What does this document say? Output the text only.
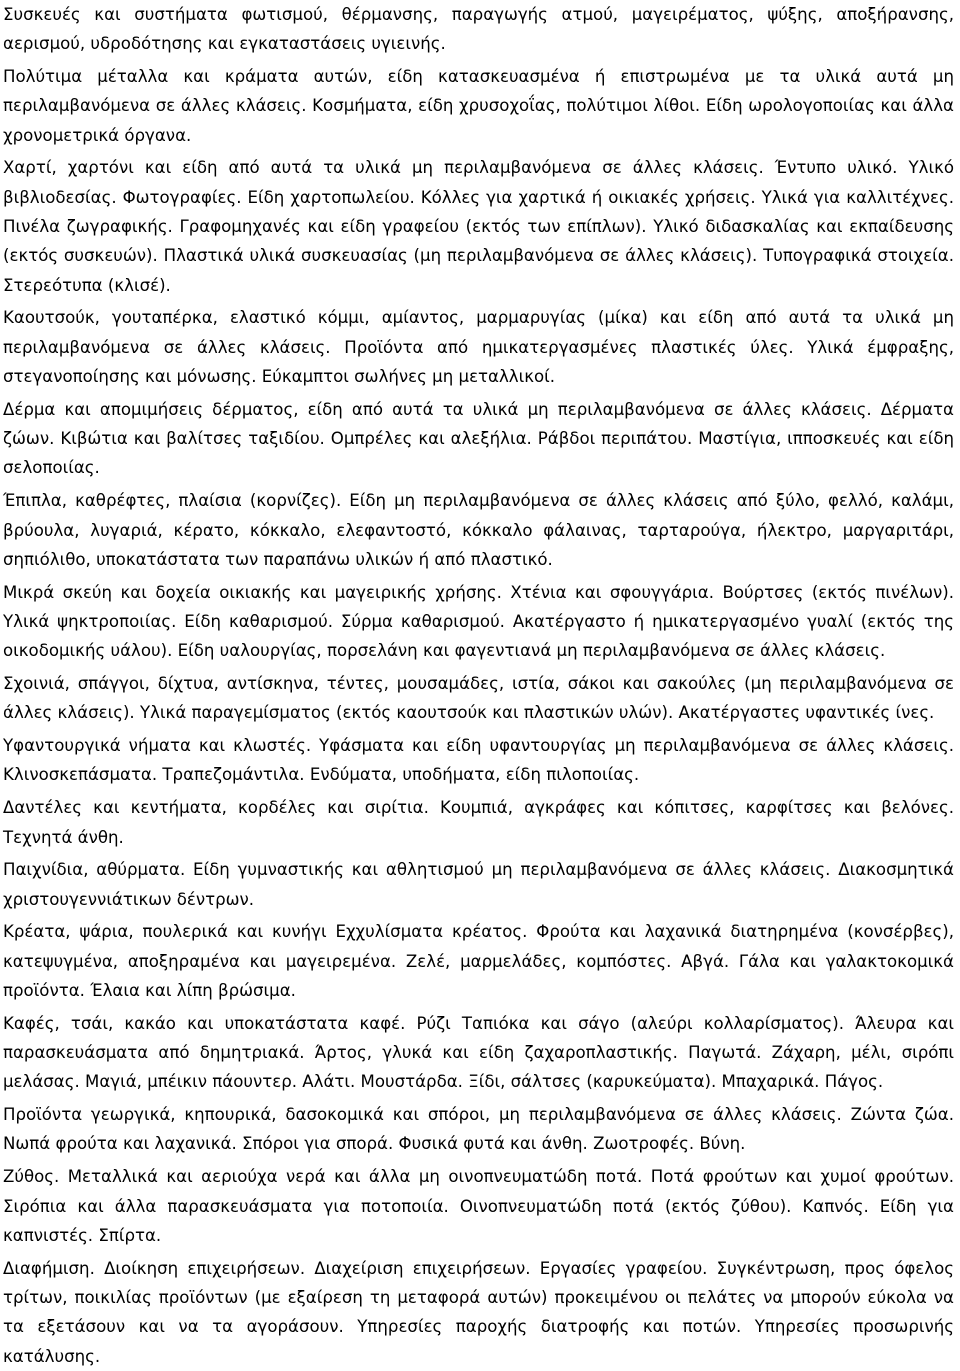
Συσκευές και συστήματα φωτισμού, θέρμανσης, παραγωγής ατμού, μαγειρέματος, ψύξης, αποξήρανσης, αερισμού, υδροδότησης και εγκαταστάσεις υγιεινής.

Πολύτιμα μέταλλα και κράματα αυτών, είδη κατασκευασμένα ή επιστρωμένα με τα υλικά αυτά μη περιλαμβανόμενα σε άλλες κλάσεις. Κοσμήματα, είδη χρυσοχοΐας, πολύτιμοι λίθοι. Είδη ωρολογοποιίας και άλλα χρονομετρικά όργανα.

Χαρτί, χαρτόνι και είδη από αυτά τα υλικά μη περιλαμβανόμενα σε άλλες κλάσεις. Έντυπο υλικό. Υλικό βιβλιοδεσίας. Φωτογραφίες. Είδη χαρτοπωλείου. Κόλλες για χαρτικά ή οικιακές χρήσεις. Υλικά για καλλιτέχνες. Πινέλα ζωγραφικής. Γραφομηχανές και είδη γραφείου (εκτός των επίπλων). Υλικό διδασκαλίας και εκπαίδευσης (εκτός συσκευών). Πλαστικά υλικά συσκευασίας (μη περιλαμβανόμενα σε άλλες κλάσεις). Τυπογραφικά στοιχεία. Στερεότυπα (κλισέ).

Καουτσούκ, γουταπέρκα, ελαστικό κόμμι, αμίαντος, μαρμαρυγίας (μίκα) και είδη από αυτά τα υλικά μη περιλαμβανόμενα σε άλλες κλάσεις. Προϊόντα από ημικατεργασμένες πλαστικές ύλες. Υλικά έμφραξης, στεγανοποίησης και μόνωσης. Εύκαμπτοι σωλήνες μη μεταλλικοί.

Δέρμα και απομιμήσεις δέρματος, είδη από αυτά τα υλικά μη περιλαμβανόμενα σε άλλες κλάσεις. Δέρματα ζώων. Κιβώτια και βαλίτσες ταξιδίου. Ομπρέλες και αλεξήλια. Ράβδοι περιπάτου. Μαστίγια, ιπποσκευές και είδη σελοποιίας.

Έπιπλα, καθρέφτες, πλαίσια (κορνίζες). Είδη μη περιλαμβανόμενα σε άλλες κλάσεις από ξύλο, φελλό, καλάμι, βρύουλα, λυγαριά, κέρατο, κόκκαλο, ελεφαντοστό, κόκκαλο φάλαινας, ταρταρούγα, ήλεκτρο, μαργαριτάρι, σηπιόλιθο, υποκατάστατα των παραπάνω υλικών ή από πλαστικό.

Μικρά σκεύη και δοχεία οικιακής και μαγειρικής χρήσης. Χτένια και σφουγγάρια. Βούρτσες (εκτός πινέλων). Υλικά ψηκτροποιίας. Είδη καθαρισμού. Σύρμα καθαρισμού. Ακατέργαστο ή ημικατεργασμένο γυαλί (εκτός της οικοδομικής υάλου). Είδη υαλουργίας, πορσελάνη και φαγεντιανά μη περιλαμβανόμενα σε άλλες κλάσεις.

Σχοινιά, σπάγγοι, δίχτυα, αντίσκηνα, τέντες, μουσαμάδες, ιστία, σάκοι και σακούλες (μη περιλαμβανόμενα σε άλλες κλάσεις). Υλικά παραγεμίσματος (εκτός καουτσούκ και πλαστικών υλών). Ακατέργαστες υφαντικές ίνες.

Υφαντουργικά νήματα και κλωστές. Υφάσματα και είδη υφαντουργίας μη περιλαμβανόμενα σε άλλες κλάσεις. Κλινοσκεπάσματα. Τραπεζομάντιλα. Ενδύματα, υποδήματα, είδη πιλοποιίας.

Δαντέλες και κεντήματα, κορδέλες και σιρίτια. Κουμπιά, αγκράφες και κόπιτσες, καρφίτσες και βελόνες. Τεχνητά άνθη.

Παιχνίδια, αθύρματα. Είδη γυμναστικής και αθλητισμού μη περιλαμβανόμενα σε άλλες κλάσεις. Διακοσμητικά χριστουγεννιάτικων δέντρων.

Κρέατα, ψάρια, πουλερικά και κυνήγι Εχχυλίσματα κρέατος. Φρούτα και λαχανικά διατηρημένα (κονσέρβες), κατεψυγμένα, αποξηραμένα και μαγειρεμένα. Ζελέ, μαρμελάδες, κομπόστες. Αβγά. Γάλα και γαλακτοκομικά προϊόντα. Έλαια και λίπη βρώσιμα.

Καφές, τσάι, κακάο και υποκατάστατα καφέ. Ρύζι Ταπιόκα και σάγο (αλεύρι κολλαρίσματος). Άλευρα και παρασκευάσματα από δημητριακά. Άρτος, γλυκά και είδη ζαχαροπλαστικής. Παγωτά. Ζάχαρη, μέλι, σιρόπι μελάσας. Μαγιά, μπέικιν πάουντερ. Αλάτι. Μουστάρδα. Ξίδι, σάλτσες (καρυκεύματα). Μπαχαρικά. Πάγος.

Προϊόντα γεωργικά, κηπουρικά, δασοκομικά και σπόροι, μη περιλαμβανόμενα σε άλλες κλάσεις. Ζώντα ζώα. Νωπά φρούτα και λαχανικά. Σπόροι για σπορά. Φυσικά φυτά και άνθη. Ζωοτροφές. Βύνη.

Ζύθος. Μεταλλικά και αεριούχα νερά και άλλα μη οινοπνευματώδη ποτά. Ποτά φρούτων και χυμοί φρούτων. Σιρόπια και άλλα παρασκευάσματα για ποτοποιία. Οινοπνευματώδη ποτά (εκτός ζύθου). Καπνός. Είδη για καπνιστές. Σπίρτα.

Διαφήμιση. Διοίκηση επιχειρήσεων. Διαχείριση επιχειρήσεων. Εργασίες γραφείου. Συγκέντρωση, προς όφελος τρίτων, ποικιλίας προϊόντων (με εξαίρεση τη μεταφορά αυτών) προκειμένου οι πελάτες να μπορούν εύκολα να τα εξετάσουν και να τα αγοράσουν. Υπηρεσίες παροχής διατροφής και ποτών. Υπηρεσίες προσωρινής κατάλυσης.
